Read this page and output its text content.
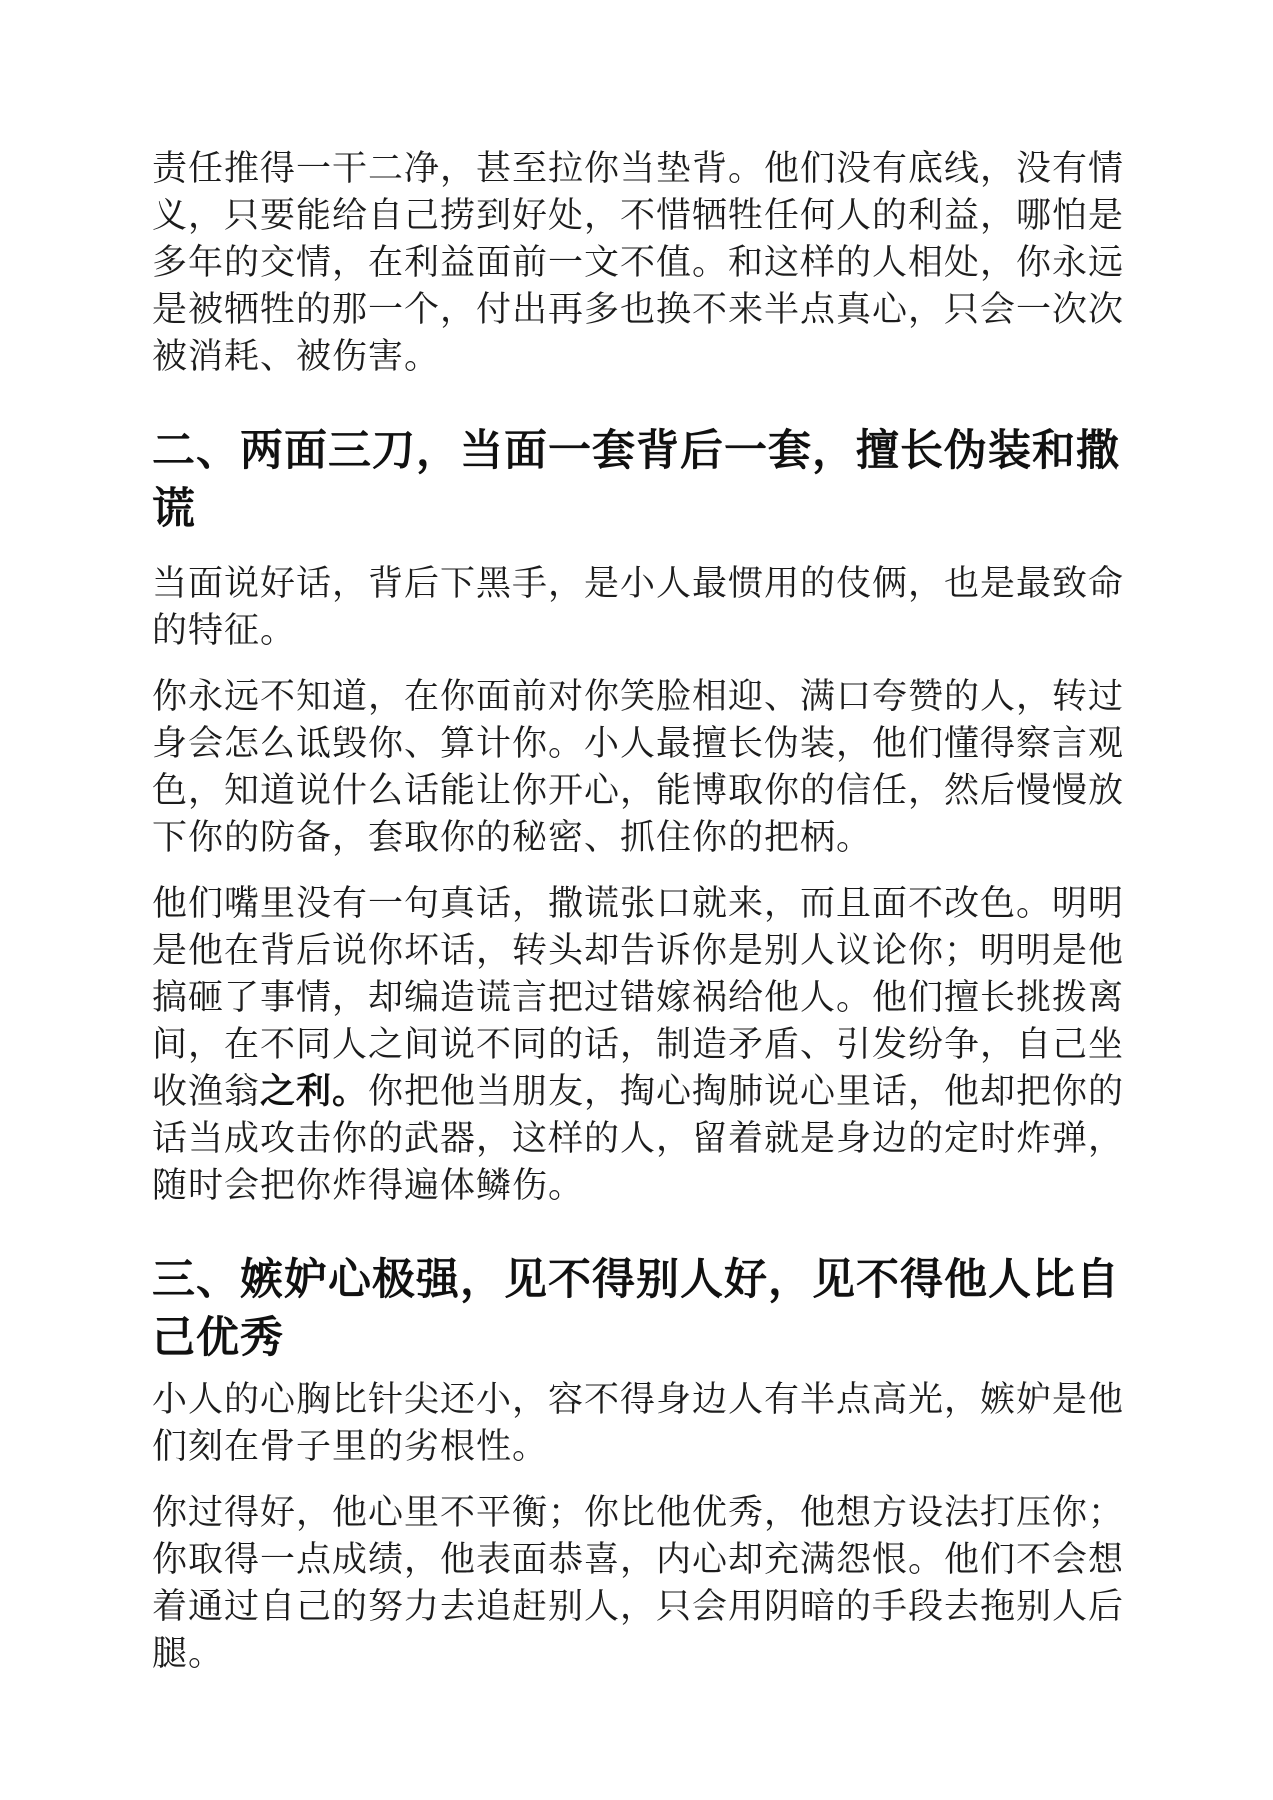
责任推得一干二净，甚至拉你当垫背。他们没有底线，没有情义，只要能给自己捞到好处，不惜牺牲任何人的利益，哪怕是多年的交情，在利益面前一文不值。和这样的人相处，你永远是被牺牲的那一个，付出再多也换不来半点真心，只会一次次被消耗、被伤害。

二、两面三刀，当面一套背后一套，擅长伪装和撒谎

当面说好话，背后下黑手，是小人最惯用的伎俩，也是最致命的特征。

你永远不知道，在你面前对你笑脸相迎、满口夸赞的人，转过身会怎么诋毁你、算计你。小人最擅长伪装，他们懂得察言观色，知道说什么话能让你开心，能博取你的信任，然后慢慢放下你的防备，套取你的秘密、抓住你的把柄。

他们嘴里没有一句真话，撒谎张口就来，而且面不改色。明明是他在背后说你坏话，转头却告诉你是别人议论你；明明是他搞砸了事情，却编造谎言把过错嫁祸给他人。他们擅长挑拨离间，在不同人之间说不同的话，制造矛盾、引发纷争，自己坐收渔翁之利。你把他当朋友，掏心掏肺说心里话，他却把你的话当成攻击你的武器，这样的人，留着就是身边的定时炸弹，随时会把你炸得遍体鳞伤。

三、嫉妒心极强，见不得别人好，见不得他人比自己优秀

小人的心胸比针尖还小，容不得身边人有半点高光，嫉妒是他们刻在骨子里的劣根性。

你过得好，他心里不平衡；你比他优秀，他想方设法打压你；你取得一点成绩，他表面恭喜，内心却充满怨恨。他们不会想着通过自己的努力去追赶别人，只会用阴暗的手段去拖别人后腿。
